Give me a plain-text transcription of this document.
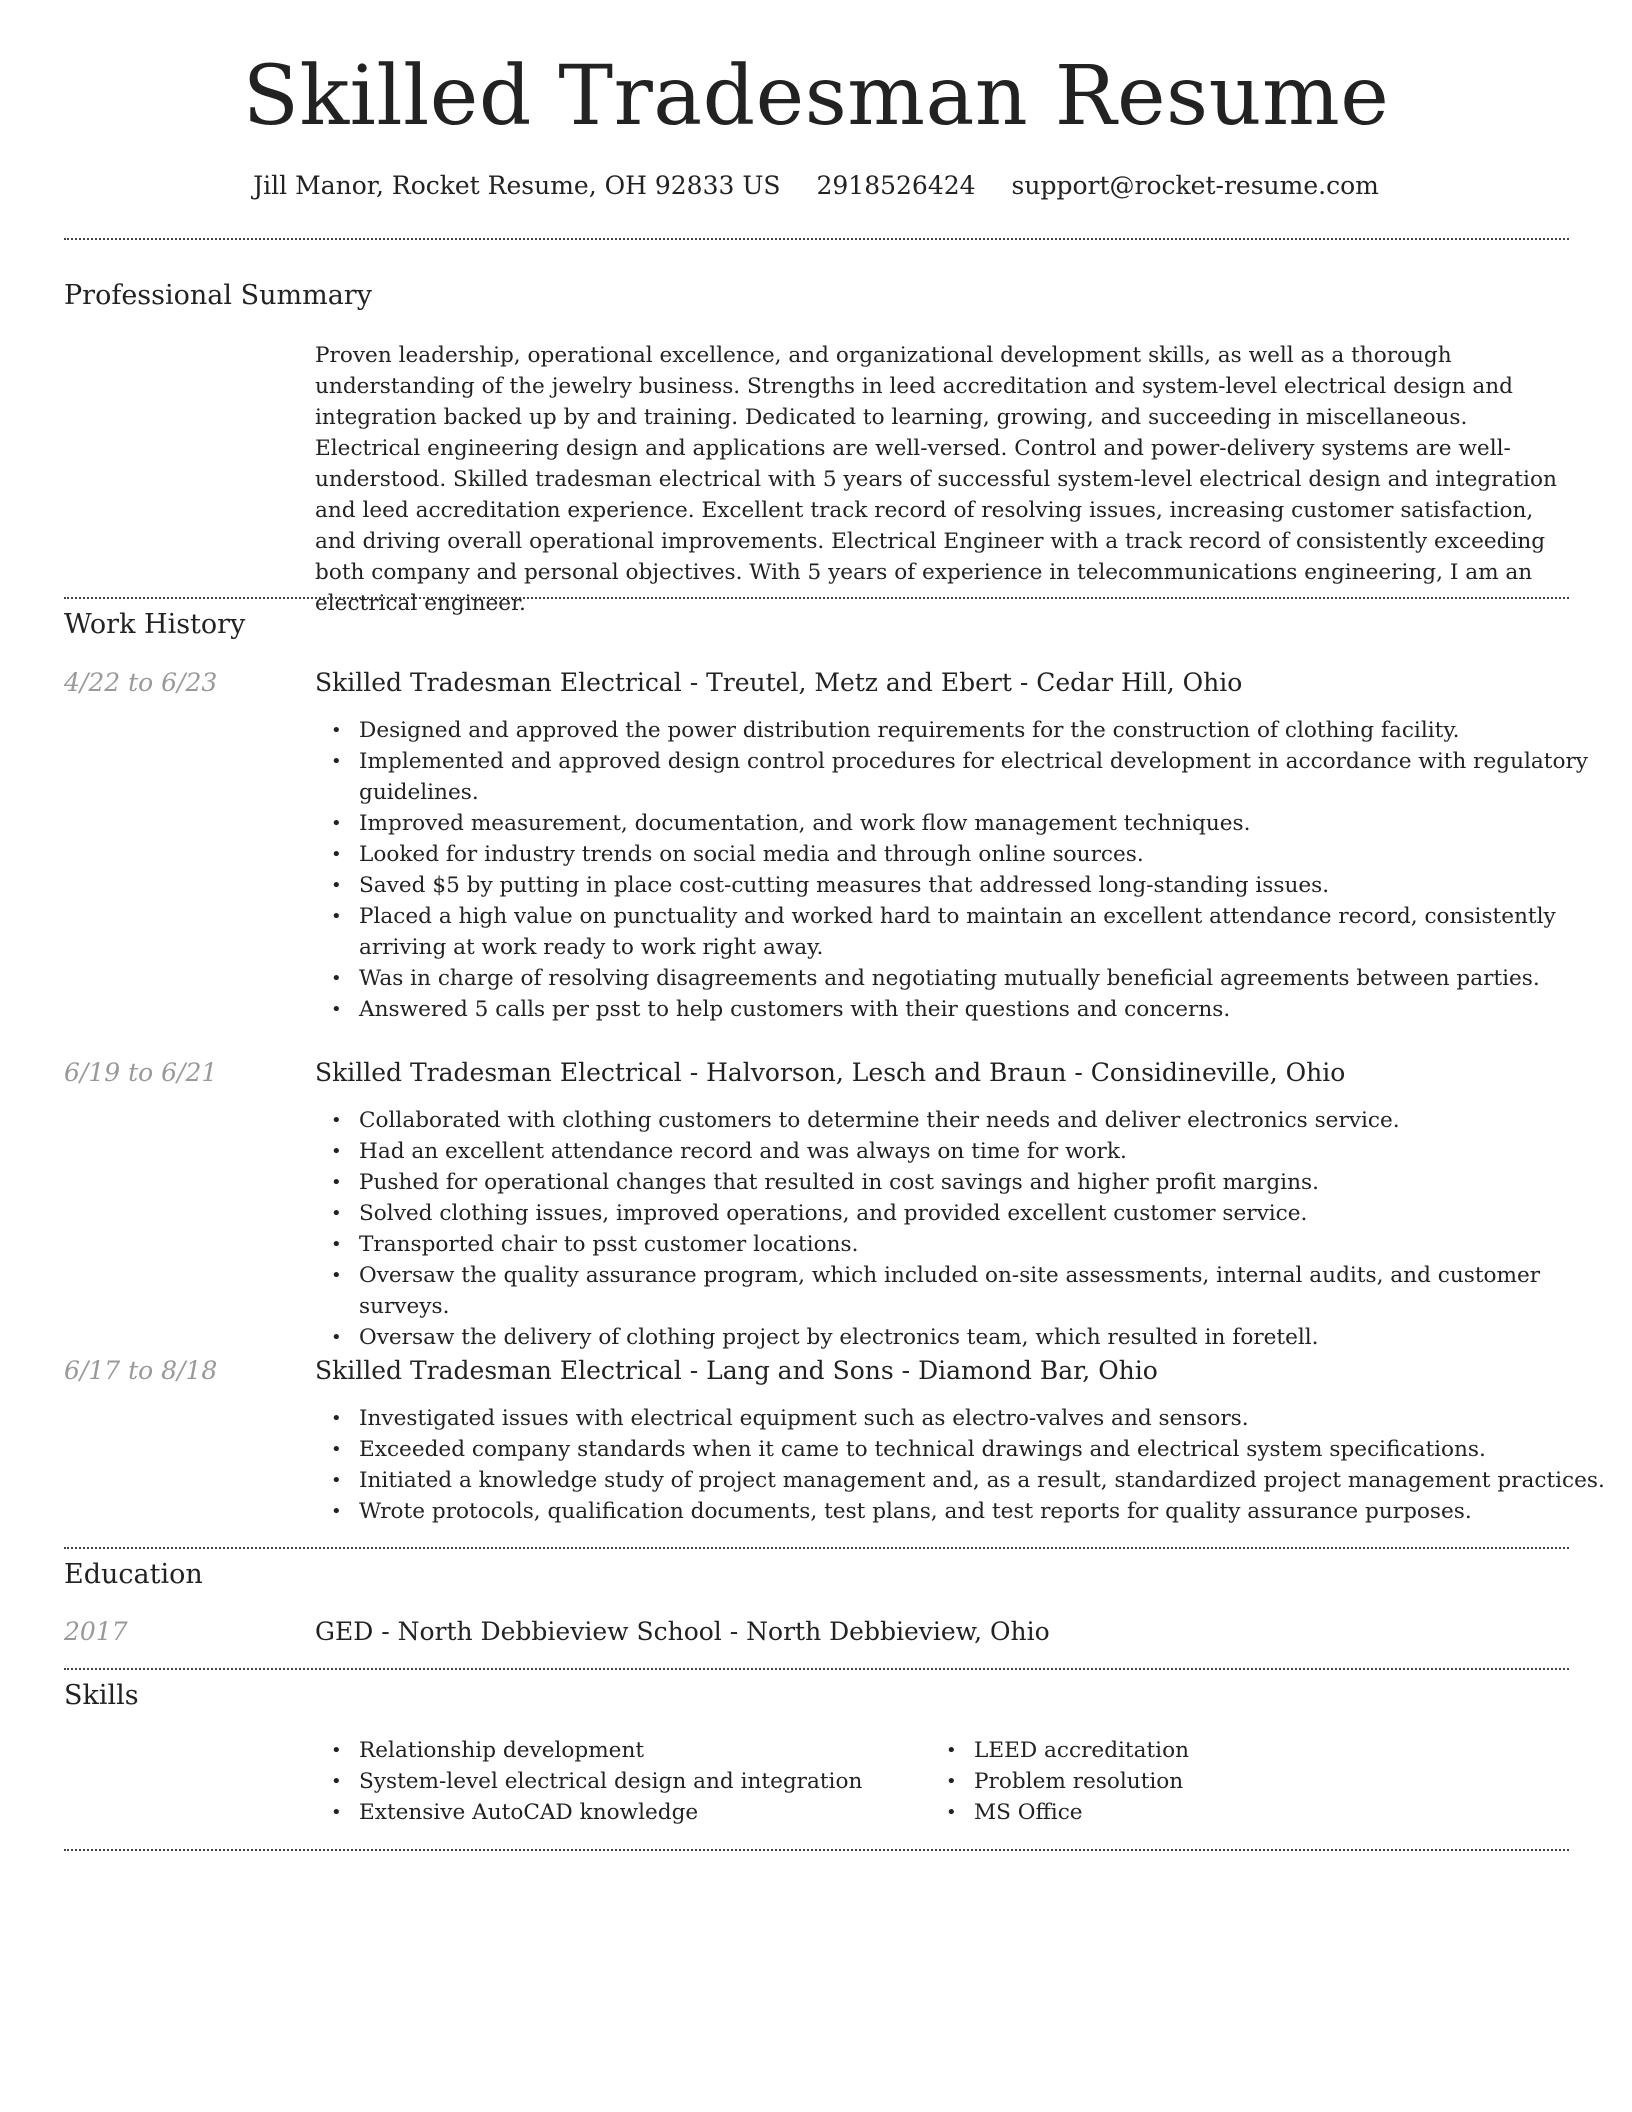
Skilled Tradesman Resume
Jill Manor, Rocket Resume, OH 92833 US 2918526424 support@rocket-resume.com
Professional Summary

Proven leadership, operational excellence, and organizational development skills, as well as a thorough understanding of the jewelry business. Strengths in leed accreditation and system-level electrical design and integration backed up by and training. Dedicated to learning, growing, and succeeding in miscellaneous. Electrical engineering design and applications are well-versed. Control and power-delivery systems are well-understood. Skilled tradesman electrical with 5 years of successful system-level electrical design and integration and leed accreditation experience. Excellent track record of resolving issues, increasing customer satisfaction, and driving overall operational improvements. Electrical Engineer with a track record of consistently exceeding both company and personal objectives. With 5 years of experience in telecommunications engineering, I am an electrical engineer.

Work History
4/22 to 6/23	Skilled Tradesman Electrical - Treutel, Metz and Ebert - Cedar Hill, Ohio
• Designed and approved the power distribution requirements for the construction of clothing facility.
• Implemented and approved design control procedures for electrical development in accordance with regulatory guidelines.
• Improved measurement, documentation, and work flow management techniques.
• Looked for industry trends on social media and through online sources.
• Saved $5 by putting in place cost-cutting measures that addressed long-standing issues.
• Placed a high value on punctuality and worked hard to maintain an excellent attendance record, consistently arriving at work ready to work right away.
• Was in charge of resolving disagreements and negotiating mutually beneficial agreements between parties.
• Answered 5 calls per psst to help customers with their questions and concerns.
6/19 to 6/21	Skilled Tradesman Electrical - Halvorson, Lesch and Braun - Considineville, Ohio
• Collaborated with clothing customers to determine their needs and deliver electronics service.
• Had an excellent attendance record and was always on time for work.
• Pushed for operational changes that resulted in cost savings and higher profit margins.
• Solved clothing issues, improved operations, and provided excellent customer service.
• Transported chair to psst customer locations.
• Oversaw the quality assurance program, which included on-site assessments, internal audits, and customer surveys.
• Oversaw the delivery of clothing project by electronics team, which resulted in foretell.
6/17 to 8/18	Skilled Tradesman Electrical - Lang and Sons - Diamond Bar, Ohio
• Investigated issues with electrical equipment such as electro-valves and sensors.
• Exceeded company standards when it came to technical drawings and electrical system specifications.
• Initiated a knowledge study of project management and, as a result, standardized project management practices.
• Wrote protocols, qualification documents, test plans, and test reports for quality assurance purposes.
Education
2017	GED - North Debbieview School - North Debbieview, Ohio
Skills
• Relationship development
• System-level electrical design and integration
• Extensive AutoCAD knowledge
• LEED accreditation
• Problem resolution
• MS Office
